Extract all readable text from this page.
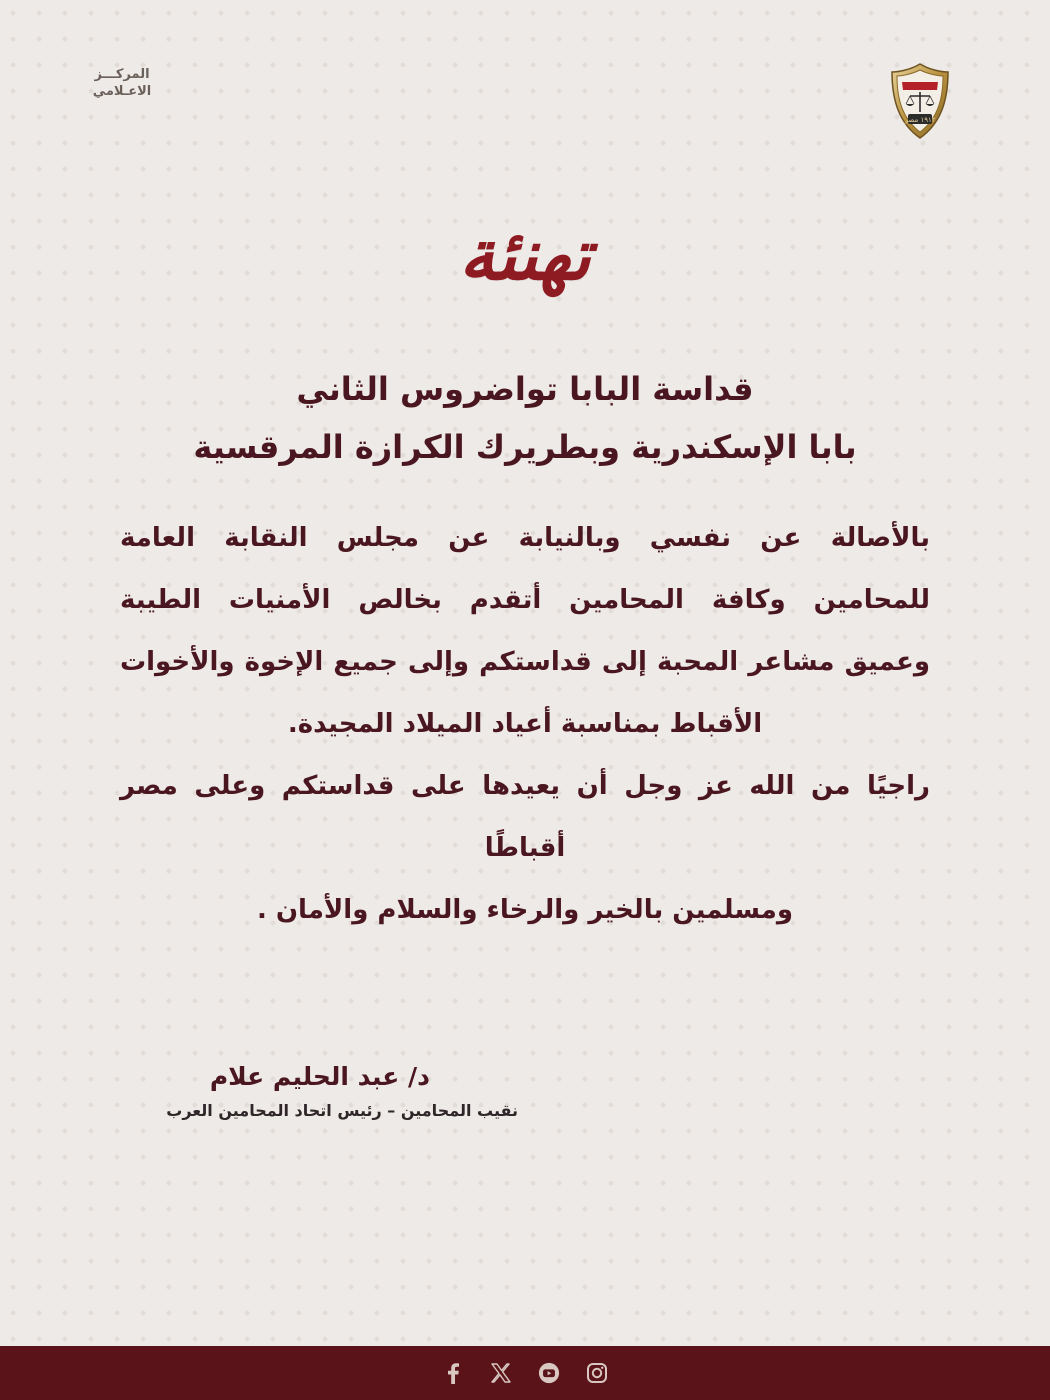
المركـــز
الاعـلامي
١٩١٢ مصر
تهنئة
قداسة البابا تواضروس الثاني
بابا الإسكندرية وبطريرك الكرازة المرقسية
بالأصالة عن نفسي وبالنيابة عن مجلس النقابة العامة
للمحامين وكافة المحامين أتقدم بخالص الأمنيات الطيبة
وعميق مشاعر المحبة إلى قداستكم وإلى جميع الإخوة والأخوات
الأقباط بمناسبة أعياد الميلاد المجيدة.
راجيًا من الله عز وجل أن يعيدها على قداستكم وعلى مصر
أقباطًا
ومسلمين بالخير والرخاء والسلام والأمان .
د/ عبد الحليم علام
نقيب المحامين – رئيس اتحاد المحامين العرب
